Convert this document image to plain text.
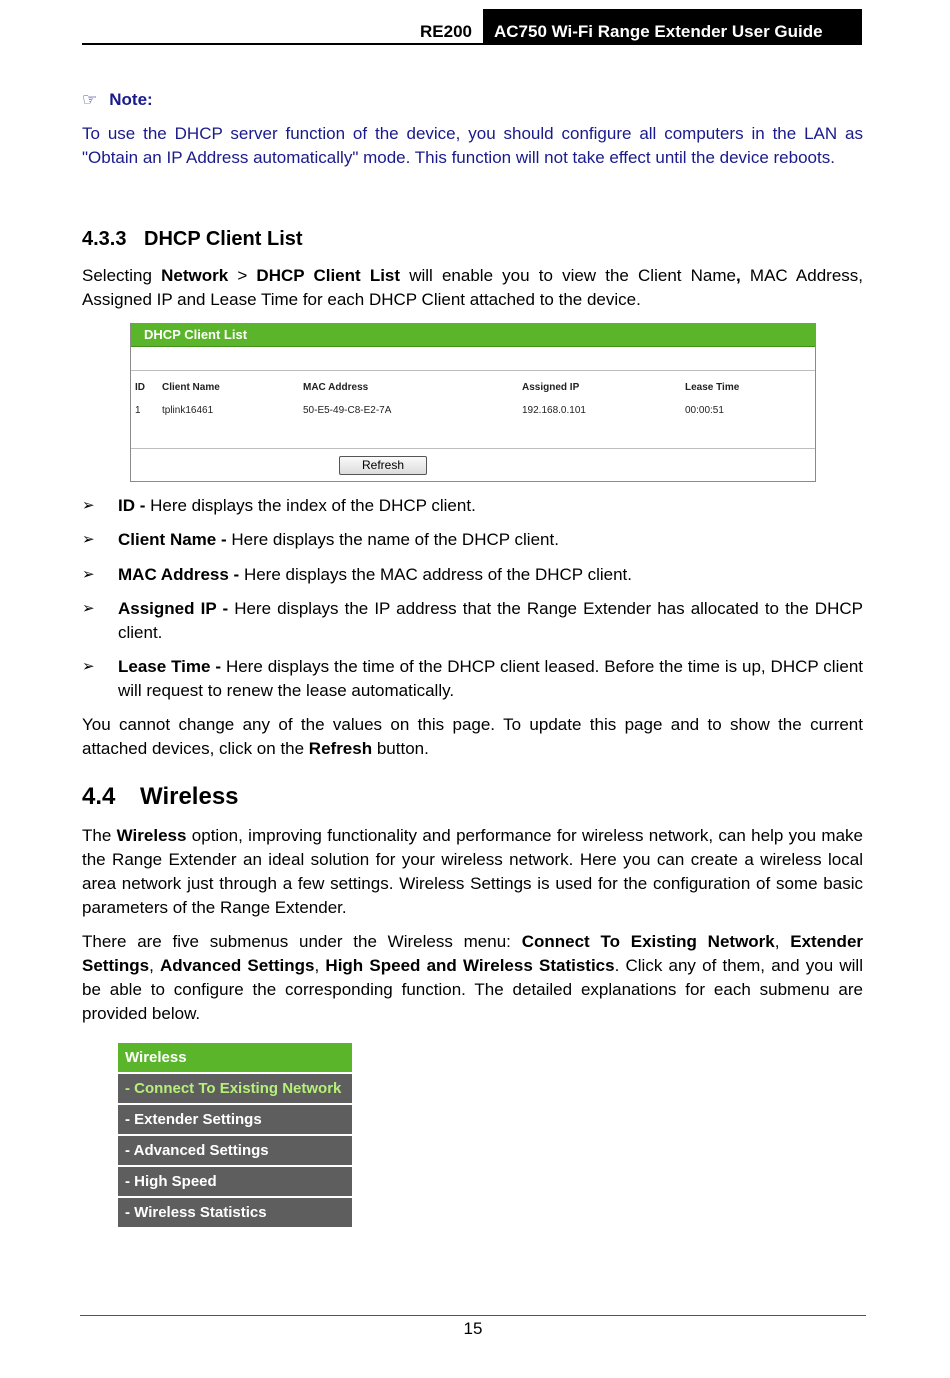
RE200 AC750 Wi-Fi Range Extender User Guide
☞ Note:
To use the DHCP server function of the device, you should configure all computers in the LAN as "Obtain an IP Address automatically" mode. This function will not take effect until the device reboots.
4.3.3 DHCP Client List
Selecting Network > DHCP Client List will enable you to view the Client Name, MAC Address, Assigned IP and Lease Time for each DHCP Client attached to the device.
DHCP Client List
ID Client Name	MAC Address	Assigned IP	Lease Time
1 tplink16461	50-E5-49-C8-E2-7A	192.168.0.101	00:00:51
Refresh
➢ ID - Here displays the index of the DHCP client.
➢ Client Name - Here displays the name of the DHCP client.
➢ MAC Address - Here displays the MAC address of the DHCP client.
➢ Assigned IP - Here displays the IP address that the Range Extender has allocated to the DHCP client.
➢ Lease Time - Here displays the time of the DHCP client leased. Before the time is up, DHCP client will request to renew the lease automatically.
You cannot change any of the values on this page. To update this page and to show the current attached devices, click on the Refresh button.
4.4 Wireless
The Wireless option, improving functionality and performance for wireless network, can help you make the Range Extender an ideal solution for your wireless network. Here you can create a wireless local area network just through a few settings. Wireless Settings is used for the configuration of some basic parameters of the Range Extender.
There are five submenus under the Wireless menu: Connect To Existing Network, Extender Settings, Advanced Settings, High Speed and Wireless Statistics. Click any of them, and you will be able to configure the corresponding function. The detailed explanations for each submenu are provided below.
Wireless
- Connect To Existing Network
- Extender Settings
- Advanced Settings
- High Speed
- Wireless Statistics
15
